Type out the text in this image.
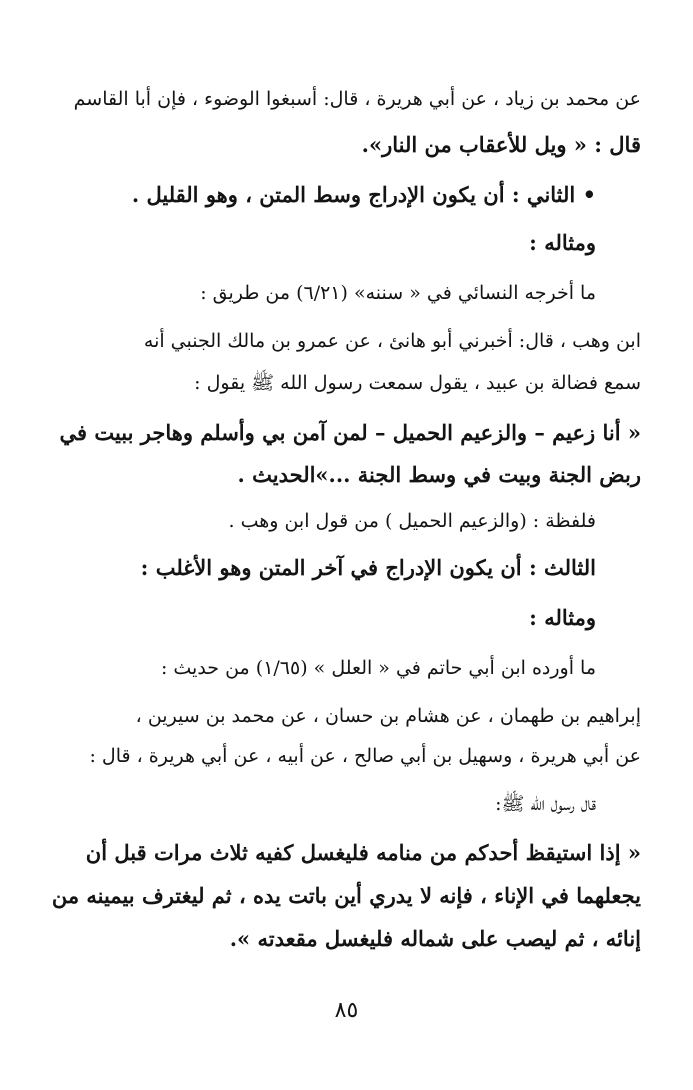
عن محمد بن زياد ، عن أبي هريرة ، قال: أسبغوا الوضوء ، فإن أبا القاسم
قال : « ويل للأعقاب من النار».
• الثاني : أن يكون الإدراج وسط المتن ، وهو القليل .
ومثاله :
ما أخرجه النسائي في « سننه» (٦/٢١) من طريق :
ابن وهب ، قال: أخبرني أبو هانئ ، عن عمرو بن مالك الجنبي أنه
سمع فضالة بن عبيد ، يقول سمعت رسول الله ﷺ يقول :
« أنا زعيم – والزعيم الحميل – لمن آمن بي وأسلم وهاجر ببيت في
ربض الجنة وبيت في وسط الجنة ...»الحديث .
فلفظة : (والزعيم الحميل ) من قول ابن وهب .
الثالث : أن يكون الإدراج في آخر المتن وهو الأغلب :
ومثاله :
ما أورده ابن أبي حاتم في « العلل » (١/٦٥) من حديث :
إبراهيم بن طهمان ، عن هشام بن حسان ، عن محمد بن سيرين ،
عن أبي هريرة ، وسهيل بن أبي صالح ، عن أبيه ، عن أبي هريرة ، قال :
قال رسول الله ﷺ:
« إذا استيقظ أحدكم من منامه فليغسل كفيه ثلاث مرات قبل أن
يجعلهما في الإناء ، فإنه لا يدري أين باتت يده ، ثم ليغترف بيمينه من
إنائه ، ثم ليصب على شماله فليغسل مقعدته ».
٨٥
